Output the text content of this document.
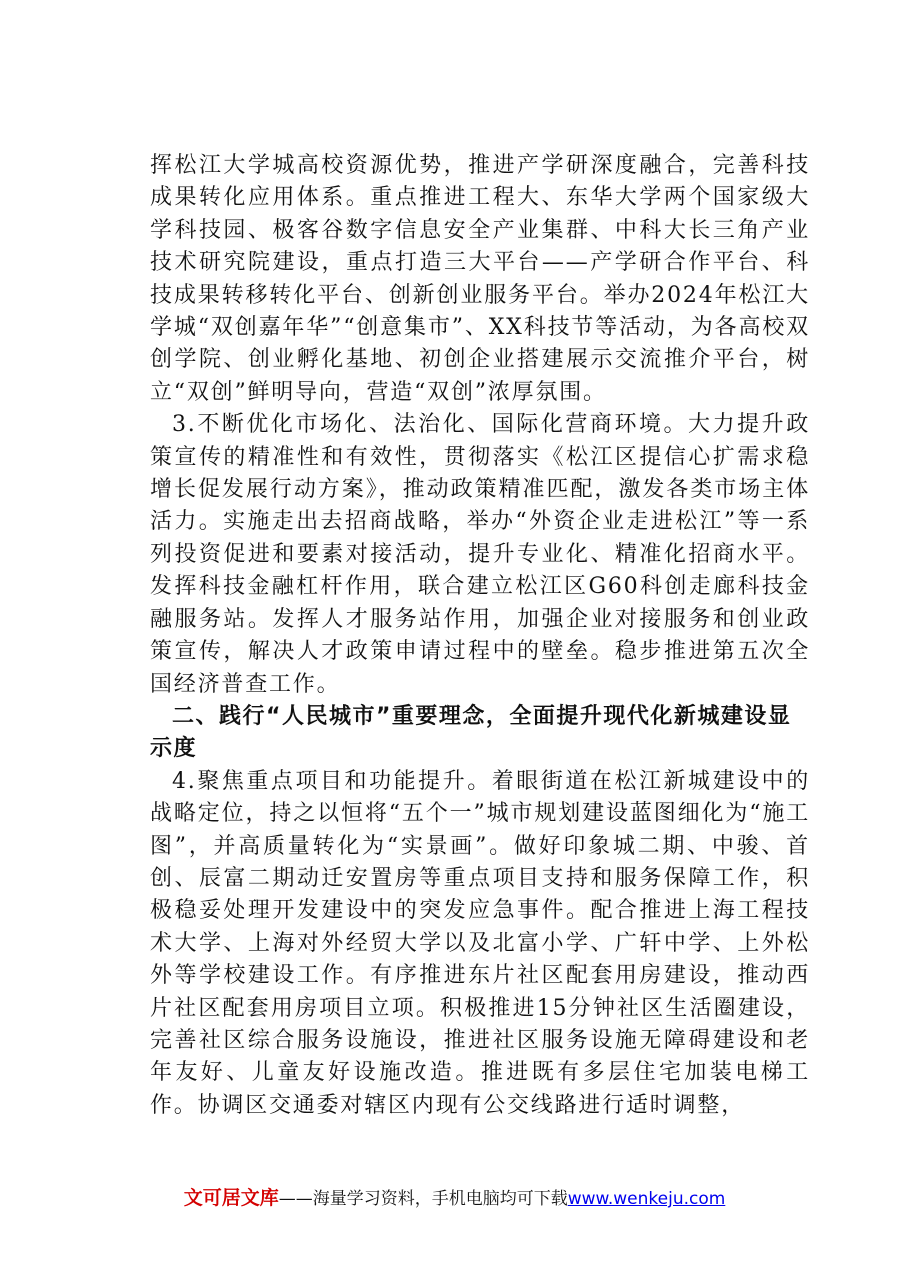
挥松江大学城高校资源优势，推进产学研深度融合，完善科技成果转化应用体系。重点推进工程大、东华大学两个国家级大学科技园、极客谷数字信息安全产业集群、中科大长三角产业技术研究院建设，重点打造三大平台——产学研合作平台、科技成果转移转化平台、创新创业服务平台。举办2024年松江大学城“双创嘉年华”“创意集市”、XX科技节等活动，为各高校双创学院、创业孵化基地、初创企业搭建展示交流推介平台，树立“双创”鲜明导向，营造“双创”浓厚氛围。

3.不断优化市场化、法治化、国际化营商环境。大力提升政策宣传的精准性和有效性，贯彻落实《松江区提信心扩需求稳增长促发展行动方案》，推动政策精准匹配，激发各类市场主体活力。实施走出去招商战略，举办“外资企业走进松江”等一系列投资促进和要素对接活动，提升专业化、精准化招商水平。发挥科技金融杠杆作用，联合建立松江区G60科创走廊科技金融服务站。发挥人才服务站作用，加强企业对接服务和创业政策宣传，解决人才政策申请过程中的壁垒。稳步推进第五次全国经济普查工作。

二、践行“人民城市”重要理念，全面提升现代化新城建设显示度

4.聚焦重点项目和功能提升。着眼街道在松江新城建设中的战略定位，持之以恒将“五个一”城市规划建设蓝图细化为“施工图”，并高质量转化为“实景画”。做好印象城二期、中骏、首创、辰富二期动迁安置房等重点项目支持和服务保障工作，积极稳妥处理开发建设中的突发应急事件。配合推进上海工程技术大学、上海对外经贸大学以及北富小学、广轩中学、上外松外等学校建设工作。有序推进东片社区配套用房建设，推动西片社区配套用房项目立项。积极推进15分钟社区生活圈建设，完善社区综合服务设施设，推进社区服务设施无障碍建设和老年友好、儿童友好设施改造。推进既有多层住宅加装电梯工作。协调区交通委对辖区内现有公交线路进行适时调整，

文可居文库——海量学习资料，手机电脑均可下载www.wenkeju.com
